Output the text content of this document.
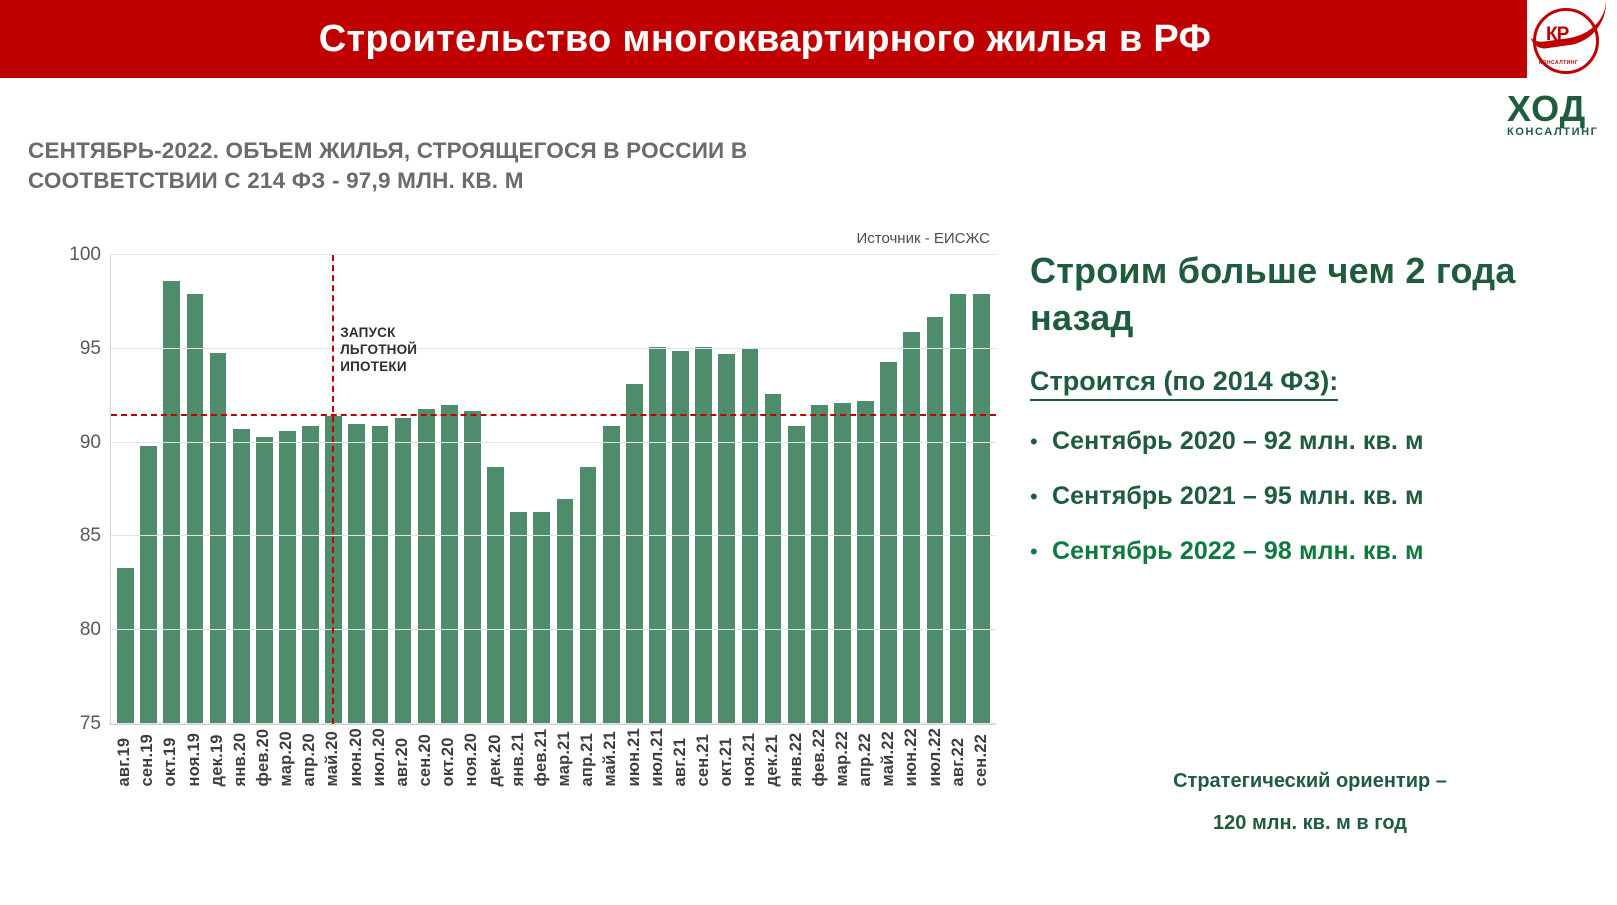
Строительство многоквартирного жилья в РФ	КР
КОНСАЛТИНГ
ХОД
КОНСАЛТИНГ
СЕНТЯБРЬ-2022. ОБЪЕМ ЖИЛЬЯ, СТРОЯЩЕГОСЯ В РОССИИ В СООТВЕТСТВИИ С 214 ФЗ - 97,9 МЛН. КВ. М
Источник - ЕИСЖС
75
80
85
90
95
100
ЗАПУСК
ЛЬГОТНОЙ
ИПОТЕКИ
авг.19 сен.19 окт.19 ноя.19 дек.19 янв.20 фев.20 мар.20 апр.20 май.20 июн.20 июл.20 авг.20 сен.20 окт.20 ноя.20 дек.20 янв.21 фев.21 мар.21 апр.21 май.21 июн.21 июл.21 авг.21 сен.21 окт.21 ноя.21 дек.21 янв.22 фев.22 мар.22 апр.22 май.22 июн.22 июл.22 авг.22 сен.22
Строим больше чем 2 года назад
Строится (по 2014 ФЗ):
• Сентябрь 2020 – 92 млн. кв. м
• Сентябрь 2021 – 95 млн. кв. м
• Сентябрь 2022 – 98 млн. кв. м
Стратегический ориентир –
120 млн. кв. м в год
